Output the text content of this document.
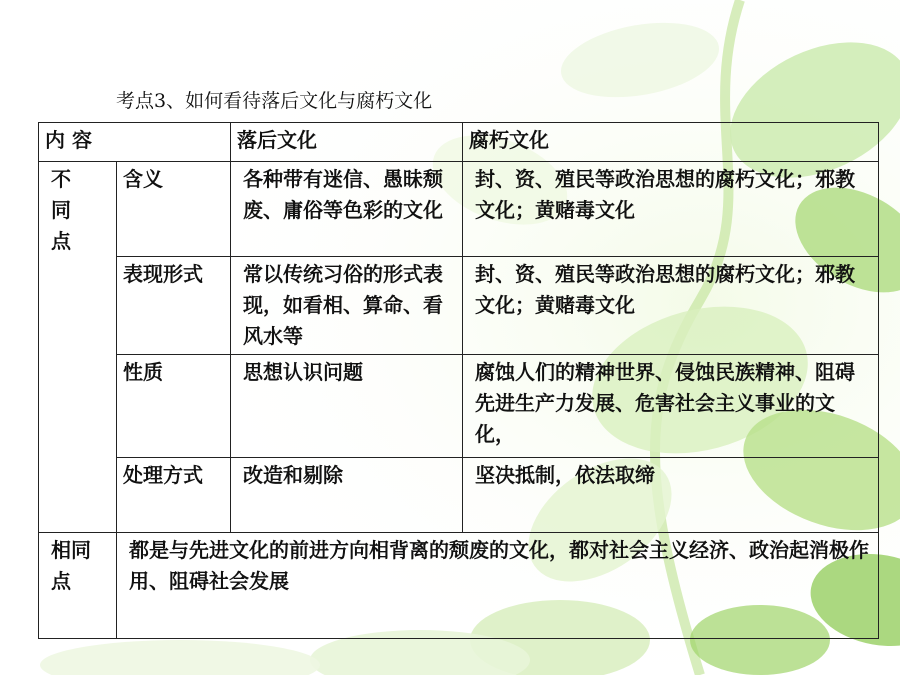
考点3、如何看待落后文化与腐朽文化
内 容		落后文化	腐朽文化

不同点	含义	各种带有迷信、愚昧颓废、庸俗等色彩的文化	封、资、殖民等政治思想的腐朽文化；邪教文化；黄赌毒文化
	表现形式	常以传统习俗的形式表现，如看相、算命、看风水等	封、资、殖民等政治思想的腐朽文化；邪教文化；黄赌毒文化
	性质	思想认识问题	腐蚀人们的精神世界、侵蚀民族精神、阻碍先进生产力发展、危害社会主义事业的文化，
	处理方式	改造和剔除	坚决抵制，依法取缔

相同点	都是与先进文化的前进方向相背离的颓废的文化，都对社会主义经济、政治起消极作用、阻碍社会发展		
